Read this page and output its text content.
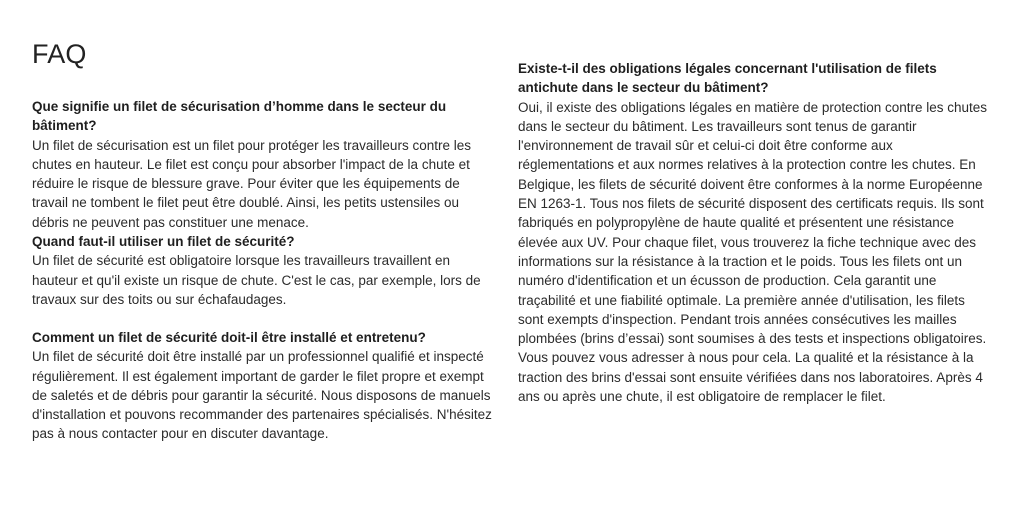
FAQ

Que signifie un filet de sécurisation d’homme dans le secteur du bâtiment?

Un filet de sécurisation est un filet pour protéger les travailleurs contre les chutes en hauteur. Le filet est conçu pour absorber l'impact de la chute et réduire le risque de blessure grave. Pour éviter que les équipements de travail ne tombent le filet peut être doublé. Ainsi, les petits ustensiles ou débris ne peuvent pas constituer une menace.

Quand faut-il utiliser un filet de sécurité?

Un filet de sécurité est obligatoire lorsque les travailleurs travaillent en hauteur et qu'il existe un risque de chute. C'est le cas, par exemple, lors de travaux sur des toits ou sur échafaudages.

Comment un filet de sécurité doit-il être installé et entretenu?

Un filet de sécurité doit être installé par un professionnel qualifié et inspecté régulièrement. Il est également important de garder le filet propre et exempt de saletés et de débris pour garantir la sécurité. Nous disposons de manuels d'installation et pouvons recommander des partenaires spécialisés. N'hésitez pas à nous contacter pour en discuter davantage.

Existe-t-il des obligations légales concernant l'utilisation de filets antichute dans le secteur du bâtiment?

Oui, il existe des obligations légales en matière de protection contre les chutes dans le secteur du bâtiment. Les travailleurs sont tenus de garantir l'environnement de travail sûr et celui-ci doit être conforme aux réglementations et aux normes relatives à la protection contre les chutes. En Belgique, les filets de sécurité doivent être conformes à la norme Européenne EN 1263-1. Tous nos filets de sécurité disposent des certificats requis. Ils sont fabriqués en polypropylène de haute qualité et présentent une résistance élevée aux UV. Pour chaque filet, vous trouverez la fiche technique avec des informations sur la résistance à la traction et le poids. Tous les filets ont un numéro d'identification et un écusson de production. Cela garantit une traçabilité et une fiabilité optimale. La première année d'utilisation, les filets sont exempts d'inspection. Pendant trois années consécutives les mailles plombées (brins d’essai) sont soumises à des tests et inspections obligatoires. Vous pouvez vous adresser à nous pour cela. La qualité et la résistance à la traction des brins d'essai sont ensuite vérifiées dans nos laboratoires. Après 4 ans ou après une chute, il est obligatoire de remplacer le filet.
